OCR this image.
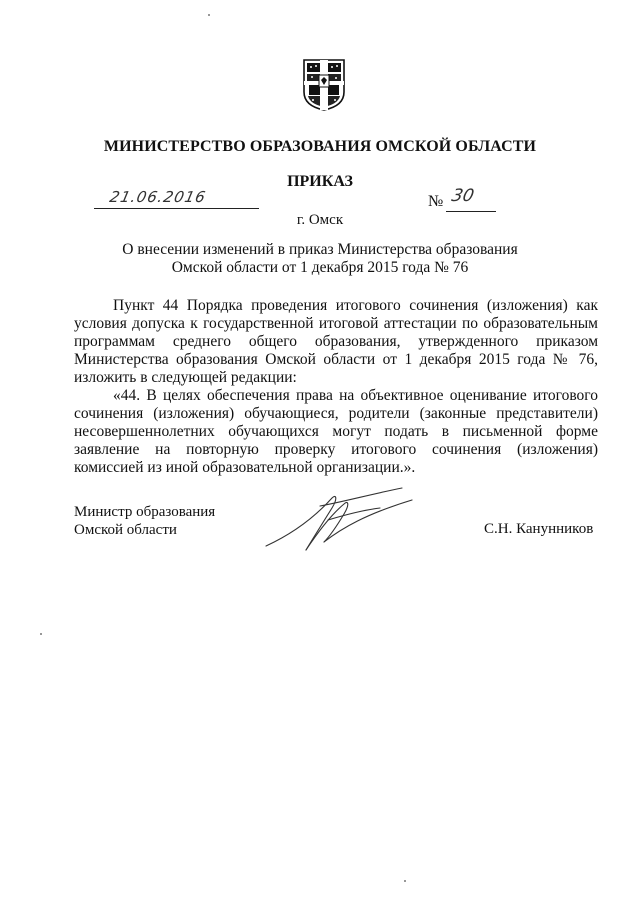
МИНИСТЕРСТВО ОБРАЗОВАНИЯ ОМСКОЙ ОБЛАСТИ
ПРИКАЗ
21.06.2016	№ 30
г. Омск
О внесении изменений в приказ Министерства образования
Омской области от 1 декабря 2015 года № 76

Пункт 44 Порядка проведения итогового сочинения (изложения) как условия допуска к государственной итоговой аттестации по образовательным программам среднего общего образования, утвержденного приказом Министерства образования Омской области от 1 декабря 2015 года № 76, изложить в следующей редакции:

«44. В целях обеспечения права на объективное оценивание итогового сочинения (изложения) обучающиеся, родители (законные представители) несовершеннолетних обучающихся могут подать в письменной форме заявление на повторную проверку итогового сочинения (изложения) комиссией из иной образовательной организации.».

Министр образования
Омской области	С.Н. Канунников
